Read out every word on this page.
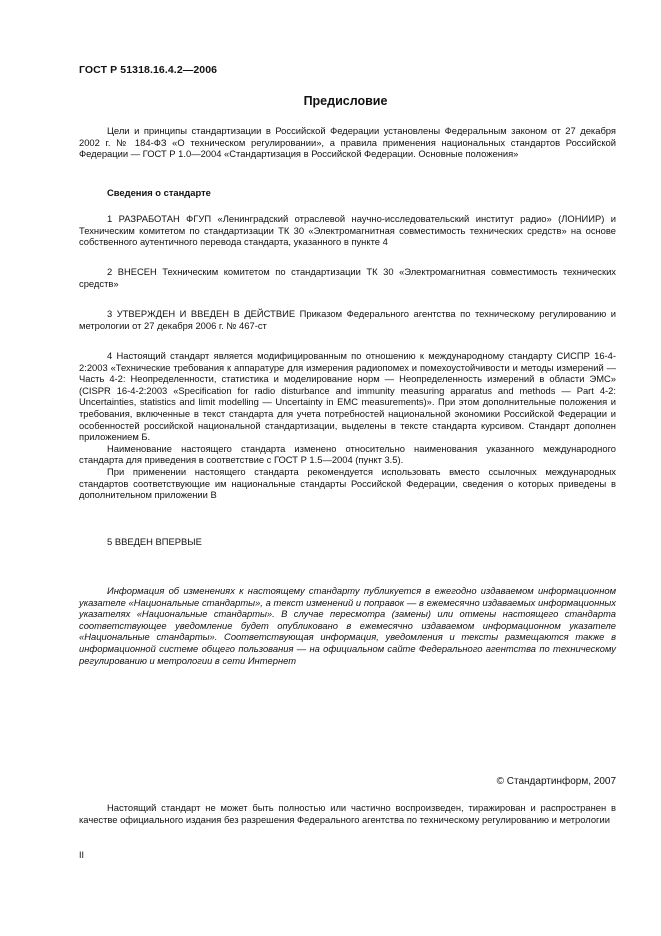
ГОСТ Р 51318.16.4.2—2006
Предисловие

Цели и принципы стандартизации в Российской Федерации установлены Федеральным законом от 27 декабря 2002 г. № 184-ФЗ «О техническом регулировании», а правила применения национальных стандартов Российской Федерации — ГОСТ Р 1.0—2004 «Стандартизация в Российской Федерации. Основные положения»

Сведения о стандарте

1 РАЗРАБОТАН ФГУП «Ленинградский отраслевой научно-исследовательский институт радио» (ЛОНИИР) и Техническим комитетом по стандартизации ТК 30 «Электромагнитная совместимость технических средств» на основе собственного аутентичного перевода стандарта, указанного в пункте 4

2 ВНЕСЕН Техническим комитетом по стандартизации ТК 30 «Электромагнитная совместимость технических средств»

3 УТВЕРЖДЕН И ВВЕДЕН В ДЕЙСТВИЕ Приказом Федерального агентства по техническому регулированию и метрологии от 27 декабря 2006 г. № 467-ст

4 Настоящий стандарт является модифицированным по отношению к международному стандарту СИСПР 16-4-2:2003 «Технические требования к аппаратуре для измерения радиопомех и помехоустойчивости и методы измерений — Часть 4-2: Неопределенности, статистика и моделирование норм — Неопределенность измерений в области ЭМС» (CISPR 16-4-2:2003 «Specification for radio disturbance and immunity measuring apparatus and methods — Part 4-2: Uncertainties, statistics and limit modelling — Uncertainty in EMC measurements)». При этом дополнительные положения и требования, включенные в текст стандарта для учета потребностей национальной экономики Российской Федерации и особенностей российской национальной стандартизации, выделены в тексте стандарта курсивом. Стандарт дополнен приложением Б.

Наименование настоящего стандарта изменено относительно наименования указанного международного стандарта для приведения в соответствие с ГОСТ Р 1.5—2004 (пункт 3.5).

При применении настоящего стандарта рекомендуется использовать вместо ссылочных международных стандартов соответствующие им национальные стандарты Российской Федерации, сведения о которых приведены в дополнительном приложении В

5 ВВЕДЕН ВПЕРВЫЕ

Информация об изменениях к настоящему стандарту публикуется в ежегодно издаваемом информационном указателе «Национальные стандарты», а текст изменений и поправок — в ежемесячно издаваемых информационных указателях «Национальные стандарты». В случае пересмотра (замены) или отмены настоящего стандарта соответствующее уведомление будет опубликовано в ежемесячно издаваемом информационном указателе «Национальные стандарты». Соответствующая информация, уведомления и тексты размещаются также в информационной системе общего пользования — на официальном сайте Федерального агентства по техническому регулированию и метрологии в сети Интернет

© Стандартинформ, 2007

Настоящий стандарт не может быть полностью или частично воспроизведен, тиражирован и распространен в качестве официального издания без разрешения Федерального агентства по техническому регулированию и метрологии

II
